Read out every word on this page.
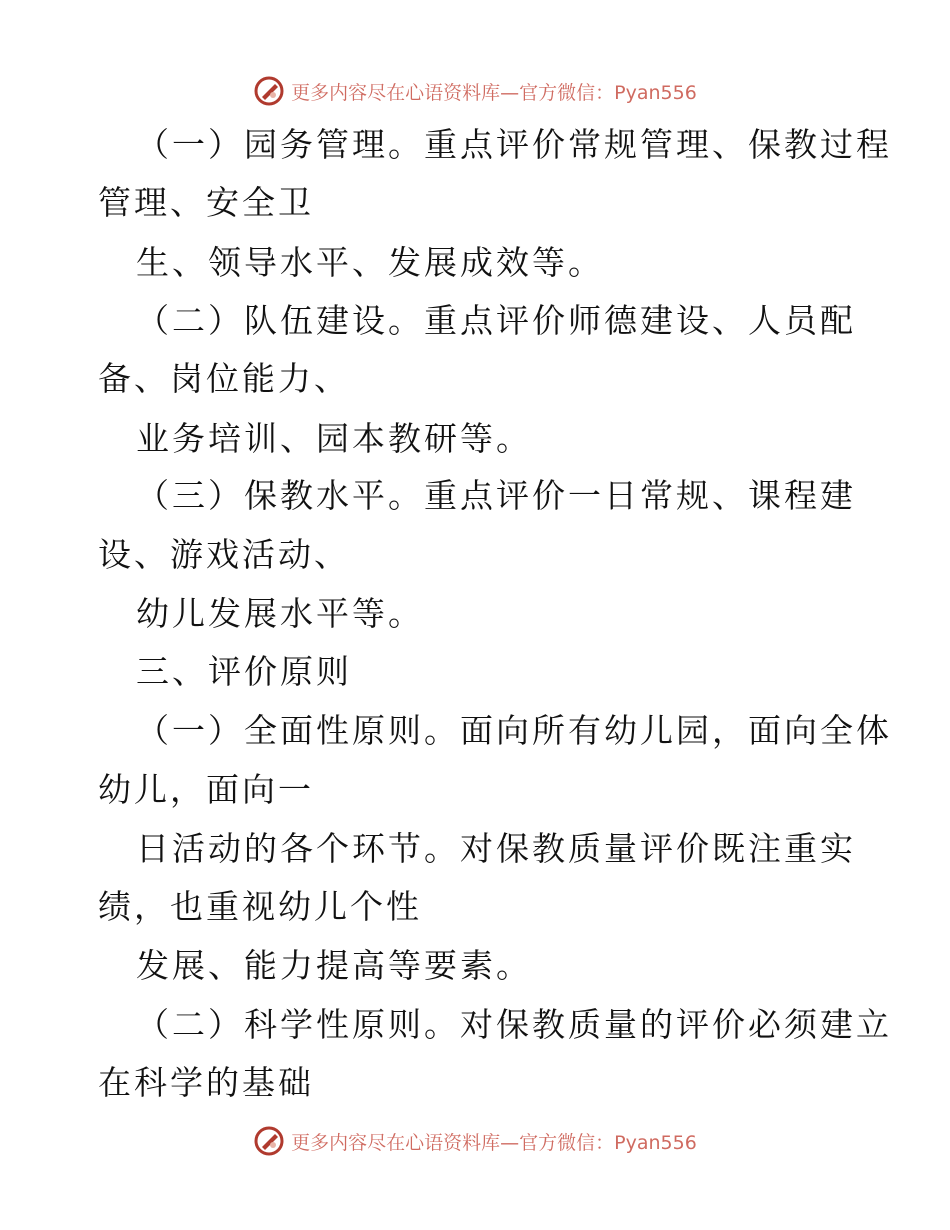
更多内容尽在心语资料库—官方微信：Pyan556
（一）园务管理。重点评价常规管理、保教过程
管理、安全卫
生、领导水平、发展成效等。
（二）队伍建设。重点评价师德建设、人员配
备、岗位能力、
业务培训、园本教研等。
（三）保教水平。重点评价一日常规、课程建
设、游戏活动、
幼儿发展水平等。
三、评价原则
（一）全面性原则。面向所有幼儿园，面向全体
幼儿，面向一
日活动的各个环节。对保教质量评价既注重实
绩，也重视幼儿个性
发展、能力提高等要素。
（二）科学性原则。对保教质量的评价必须建立
在科学的基础
更多内容尽在心语资料库—官方微信：Pyan556
